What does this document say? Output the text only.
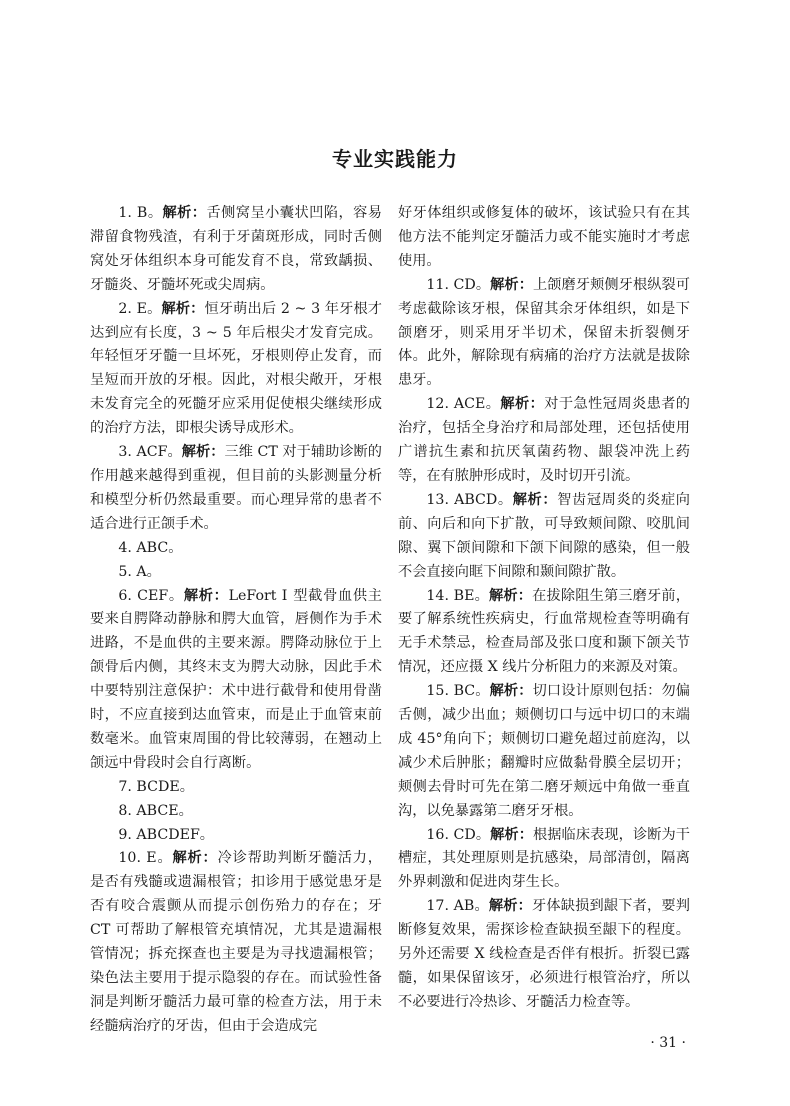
专业实践能力

1. B。解析：舌侧窝呈小囊状凹陷，容易滞留食物残渣，有利于牙菌斑形成，同时舌侧窝处牙体组织本身可能发育不良，常致龋损、牙髓炎、牙髓坏死或尖周病。

2. E。解析：恒牙萌出后 2 ~ 3 年牙根才达到应有长度，3 ~ 5 年后根尖才发育完成。年轻恒牙牙髓一旦坏死，牙根则停止发育，而呈短而开放的牙根。因此，对根尖敞开，牙根未发育完全的死髓牙应采用促使根尖继续形成的治疗方法，即根尖诱导成形术。

3. ACF。解析：三维 CT 对于辅助诊断的作用越来越得到重视，但目前的头影测量分析和模型分析仍然最重要。而心理异常的患者不适合进行正颌手术。

4. ABC。

5. A。

6. CEF。解析：LeFort Ⅰ 型截骨血供主要来自腭降动静脉和腭大血管，唇侧作为手术进路，不是血供的主要来源。腭降动脉位于上颌骨后内侧，其终末支为腭大动脉，因此手术中要特别注意保护：术中进行截骨和使用骨凿时，不应直接到达血管束，而是止于血管束前数毫米。血管束周围的骨比较薄弱，在翘动上颌远中骨段时会自行离断。

7. BCDE。

8. ABCE。

9. ABCDEF。

10. E。解析：冷诊帮助判断牙髓活力，是否有残髓或遗漏根管；扣诊用于感觉患牙是否有咬合震颤从而提示创伤殆力的存在；牙 CT 可帮助了解根管充填情况，尤其是遗漏根管情况；拆充探查也主要是为寻找遗漏根管；染色法主要用于提示隐裂的存在。而试验性备洞是判断牙髓活力最可靠的检查方法，用于未经髓病治疗的牙齿，但由于会造成完

好牙体组织或修复体的破坏，该试验只有在其他方法不能判定牙髓活力或不能实施时才考虑使用。

11. CD。解析：上颌磨牙颊侧牙根纵裂可考虑截除该牙根，保留其余牙体组织，如是下颌磨牙，则采用牙半切术，保留未折裂侧牙体。此外，解除现有病痛的治疗方法就是拔除患牙。

12. ACE。解析：对于急性冠周炎患者的治疗，包括全身治疗和局部处理，还包括使用广谱抗生素和抗厌氧菌药物、龈袋冲洗上药等，在有脓肿形成时，及时切开引流。

13. ABCD。解析：智齿冠周炎的炎症向前、向后和向下扩散，可导致颊间隙、咬肌间隙、翼下颌间隙和下颌下间隙的感染，但一般不会直接向眶下间隙和颞间隙扩散。

14. BE。解析：在拔除阻生第三磨牙前，要了解系统性疾病史，行血常规检查等明确有无手术禁忌，检查局部及张口度和颞下颌关节情况，还应摄 X 线片分析阻力的来源及对策。

15. BC。解析：切口设计原则包括：勿偏舌侧，减少出血；颊侧切口与远中切口的末端成 45°角向下；颊侧切口避免超过前庭沟，以减少术后肿胀；翻瓣时应做黏骨膜全层切开；颊侧去骨时可先在第二磨牙颊远中角做一垂直沟，以免暴露第二磨牙牙根。

16. CD。解析：根据临床表现，诊断为干槽症，其处理原则是抗感染，局部清创，隔离外界刺激和促进肉芽生长。

17. AB。解析：牙体缺损到龈下者，要判断修复效果，需探诊检查缺损至龈下的程度。另外还需要 X 线检查是否伴有根折。折裂已露髓，如果保留该牙，必须进行根管治疗，所以不必要进行冷热诊、牙髓活力检查等。

· 31 ·
